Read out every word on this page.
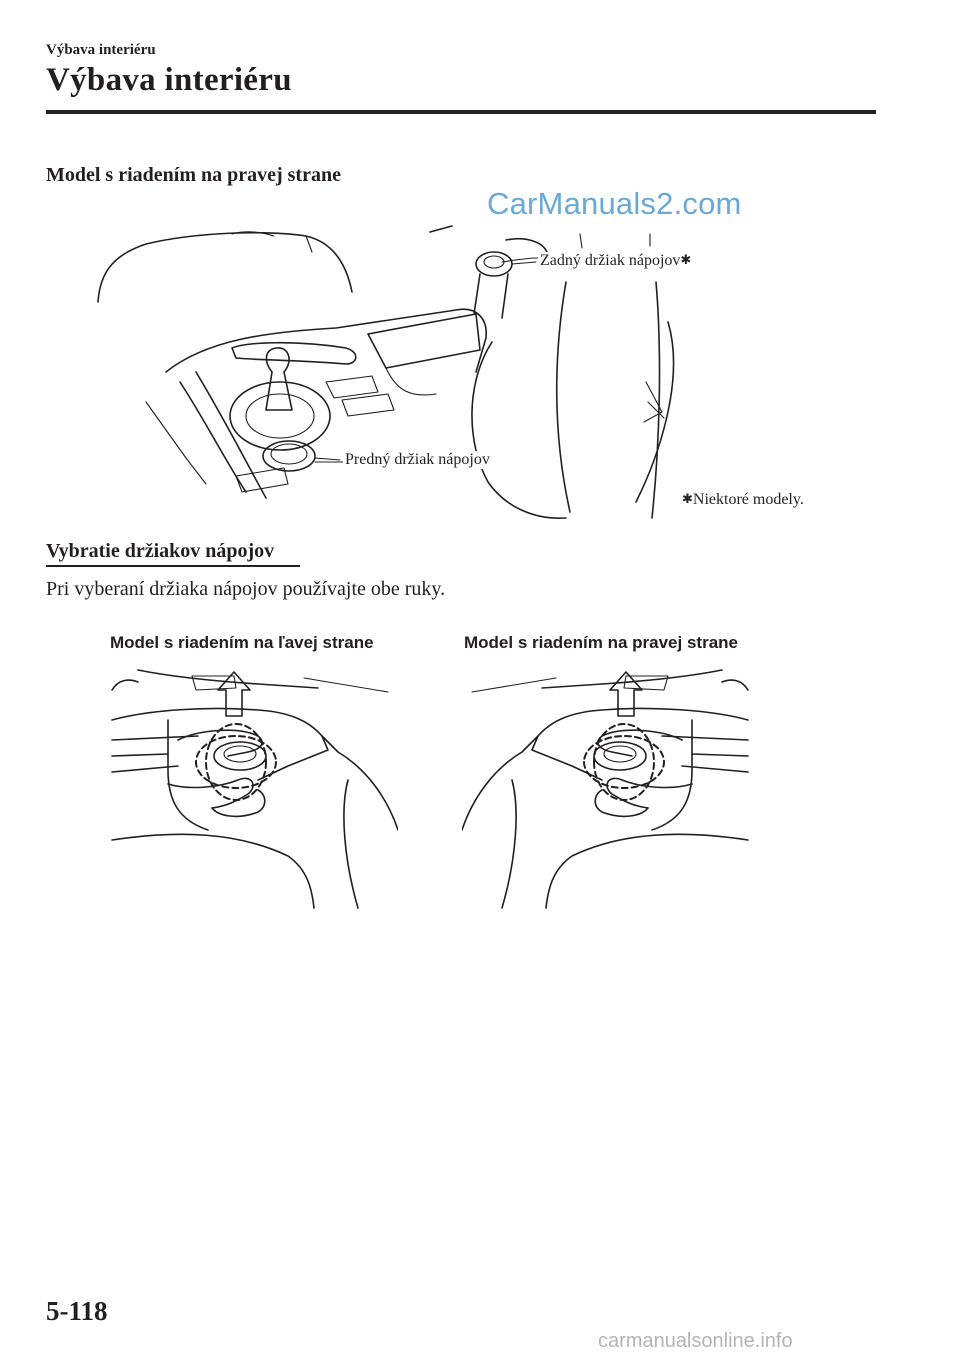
Výbava interiéru
Výbava interiéru
Model s riadením na pravej strane
CarManuals2.com
Zadný držiak nápojov✱
Predný držiak nápojov
✱Niektoré modely.
Vybratie držiakov nápojov
Pri vyberaní držiaka nápojov používajte obe ruky.
Model s riadením na ľavej strane	Model s riadením na pravej strane
5-118
carmanualsonline.info
